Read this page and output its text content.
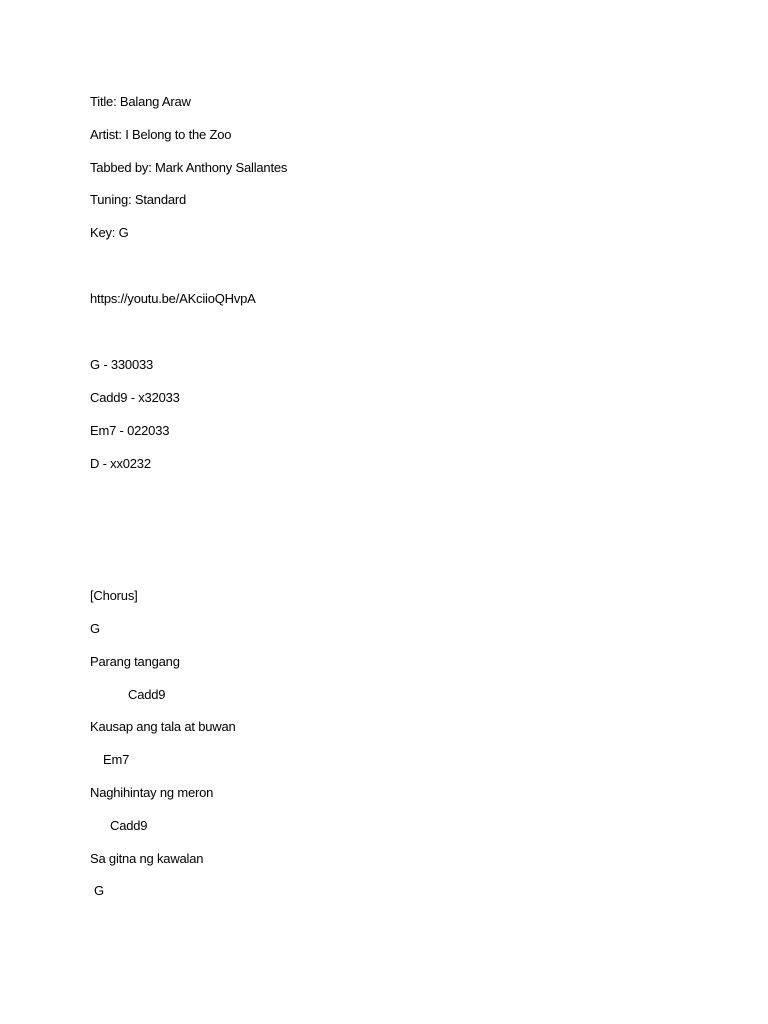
Title: Balang Araw
Artist: I Belong to the Zoo
Tabbed by: Mark Anthony Sallantes
Tuning: Standard
Key: G
https://youtu.be/AKciioQHvpA
G - 330033
Cadd9 - x32033
Em7 - 022033
D - xx0232
[Chorus]
G
Parang tangang
Cadd9
Kausap ang tala at buwan
Em7
Naghihintay ng meron
Cadd9
Sa gitna ng kawalan
G
